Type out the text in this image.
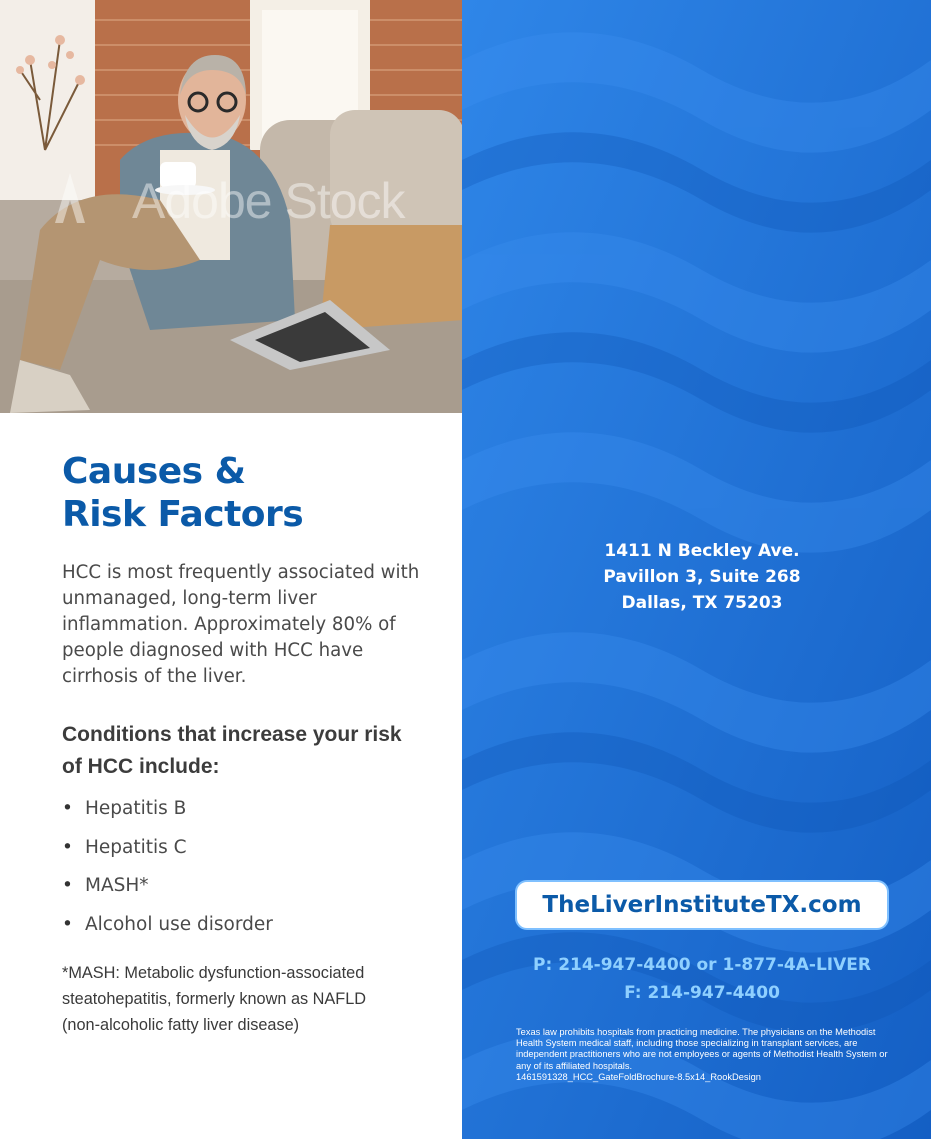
Adobe Stock
Causes &
Risk Factors

HCC is most frequently associated with unmanaged, long-term liver inflammation. Approximately 80% of people diagnosed with HCC have cirrhosis of the liver.

Conditions that increase your risk of HCC include:
• Hepatitis B
• Hepatitis C
• MASH*
• Alcohol use disorder

*MASH: Metabolic dysfunction-associated steatohepatitis, formerly known as NAFLD (non-alcoholic fatty liver disease)

1411 N Beckley Ave.
Pavillon 3, Suite 268
Dallas, TX 75203
TheLiverInstituteTX.com
P: 214-947-4400 or 1-877-4A-LIVER
F: 214-947-4400
Texas law prohibits hospitals from practicing medicine. The physicians on the Methodist Health System medical staff, including those specializing in transplant services, are independent practitioners who are not employees or agents of Methodist Health System or any of its affiliated hospitals.
1461591328_HCC_GateFoldBrochure-8.5x14_RookDesign
